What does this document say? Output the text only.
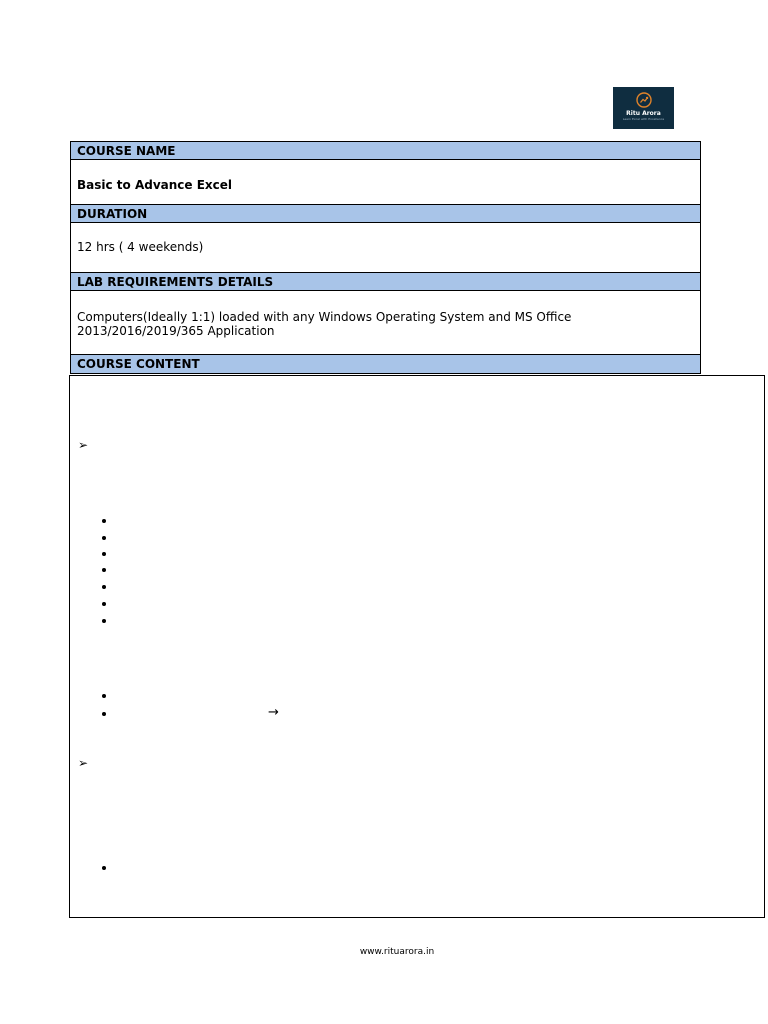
Ritu Arora
Learn Excel with Excellence
COURSE NAME
Basic to Advance Excel
DURATION
12 hrs ( 4 weekends)
LAB REQUIREMENTS DETAILS
Computers(Ideally 1:1) loaded with any Windows Operating System and MS Office 2013/2016/2019/365 Application
COURSE CONTENT
➢
→
➢
www.rituarora.in
